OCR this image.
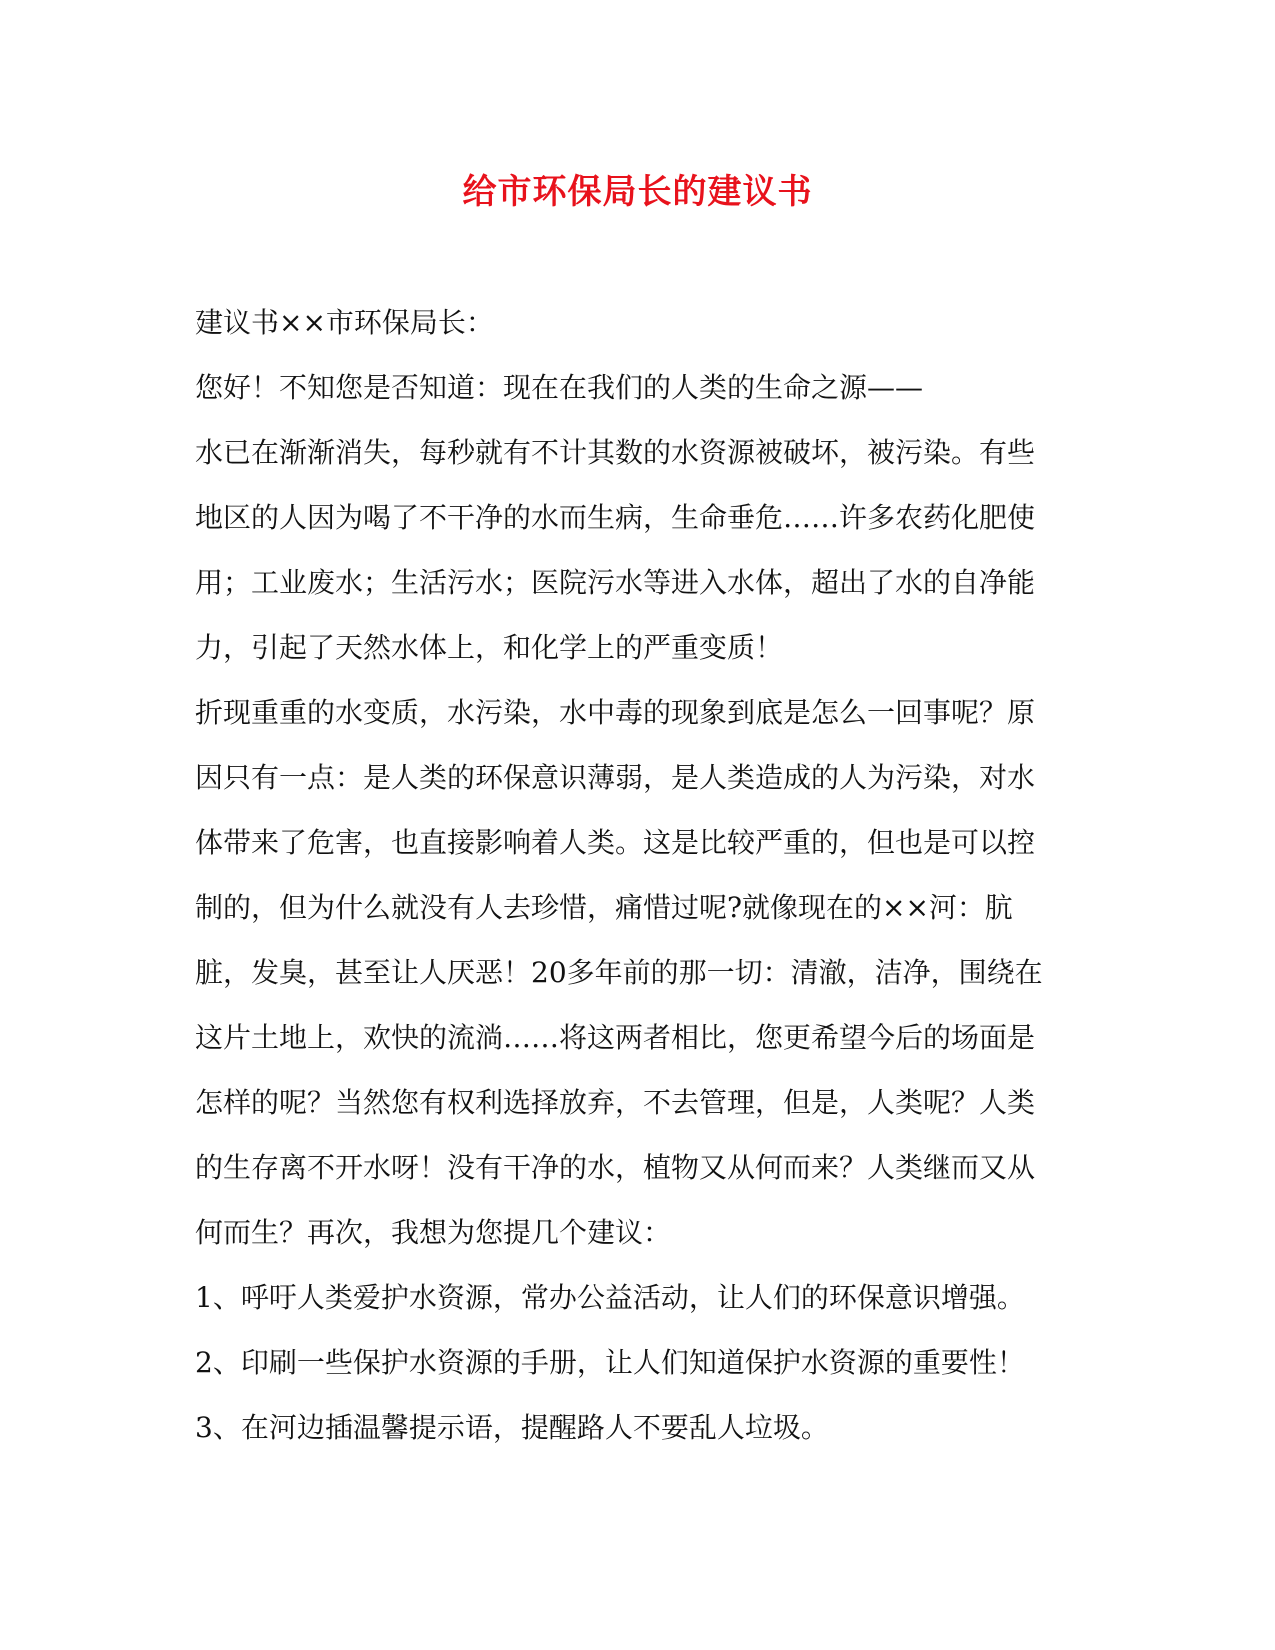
给市环保局长的建议书
建议书××市环保局长：
您好！不知您是否知道：现在在我们的人类的生命之源——
水已在渐渐消失，每秒就有不计其数的水资源被破坏，被污染。有些
地区的人因为喝了不干净的水而生病，生命垂危……许多农药化肥使
用；工业废水；生活污水；医院污水等进入水体，超出了水的自净能
力，引起了天然水体上，和化学上的严重变质！
折现重重的水变质，水污染，水中毒的现象到底是怎么一回事呢？原
因只有一点：是人类的环保意识薄弱，是人类造成的人为污染，对水
体带来了危害，也直接影响着人类。这是比较严重的，但也是可以控
制的，但为什么就没有人去珍惜，痛惜过呢?就像现在的××河：肮
脏，发臭，甚至让人厌恶！20多年前的那一切：清澈，洁净，围绕在
这片土地上，欢快的流淌……将这两者相比，您更希望今后的场面是
怎样的呢？当然您有权利选择放弃，不去管理，但是，人类呢？人类
的生存离不开水呀！没有干净的水，植物又从何而来？人类继而又从
何而生？再次，我想为您提几个建议：
1、呼吁人类爱护水资源，常办公益活动，让人们的环保意识增强。
2、印刷一些保护水资源的手册，让人们知道保护水资源的重要性！
3、在河边插温馨提示语，提醒路人不要乱人垃圾。
